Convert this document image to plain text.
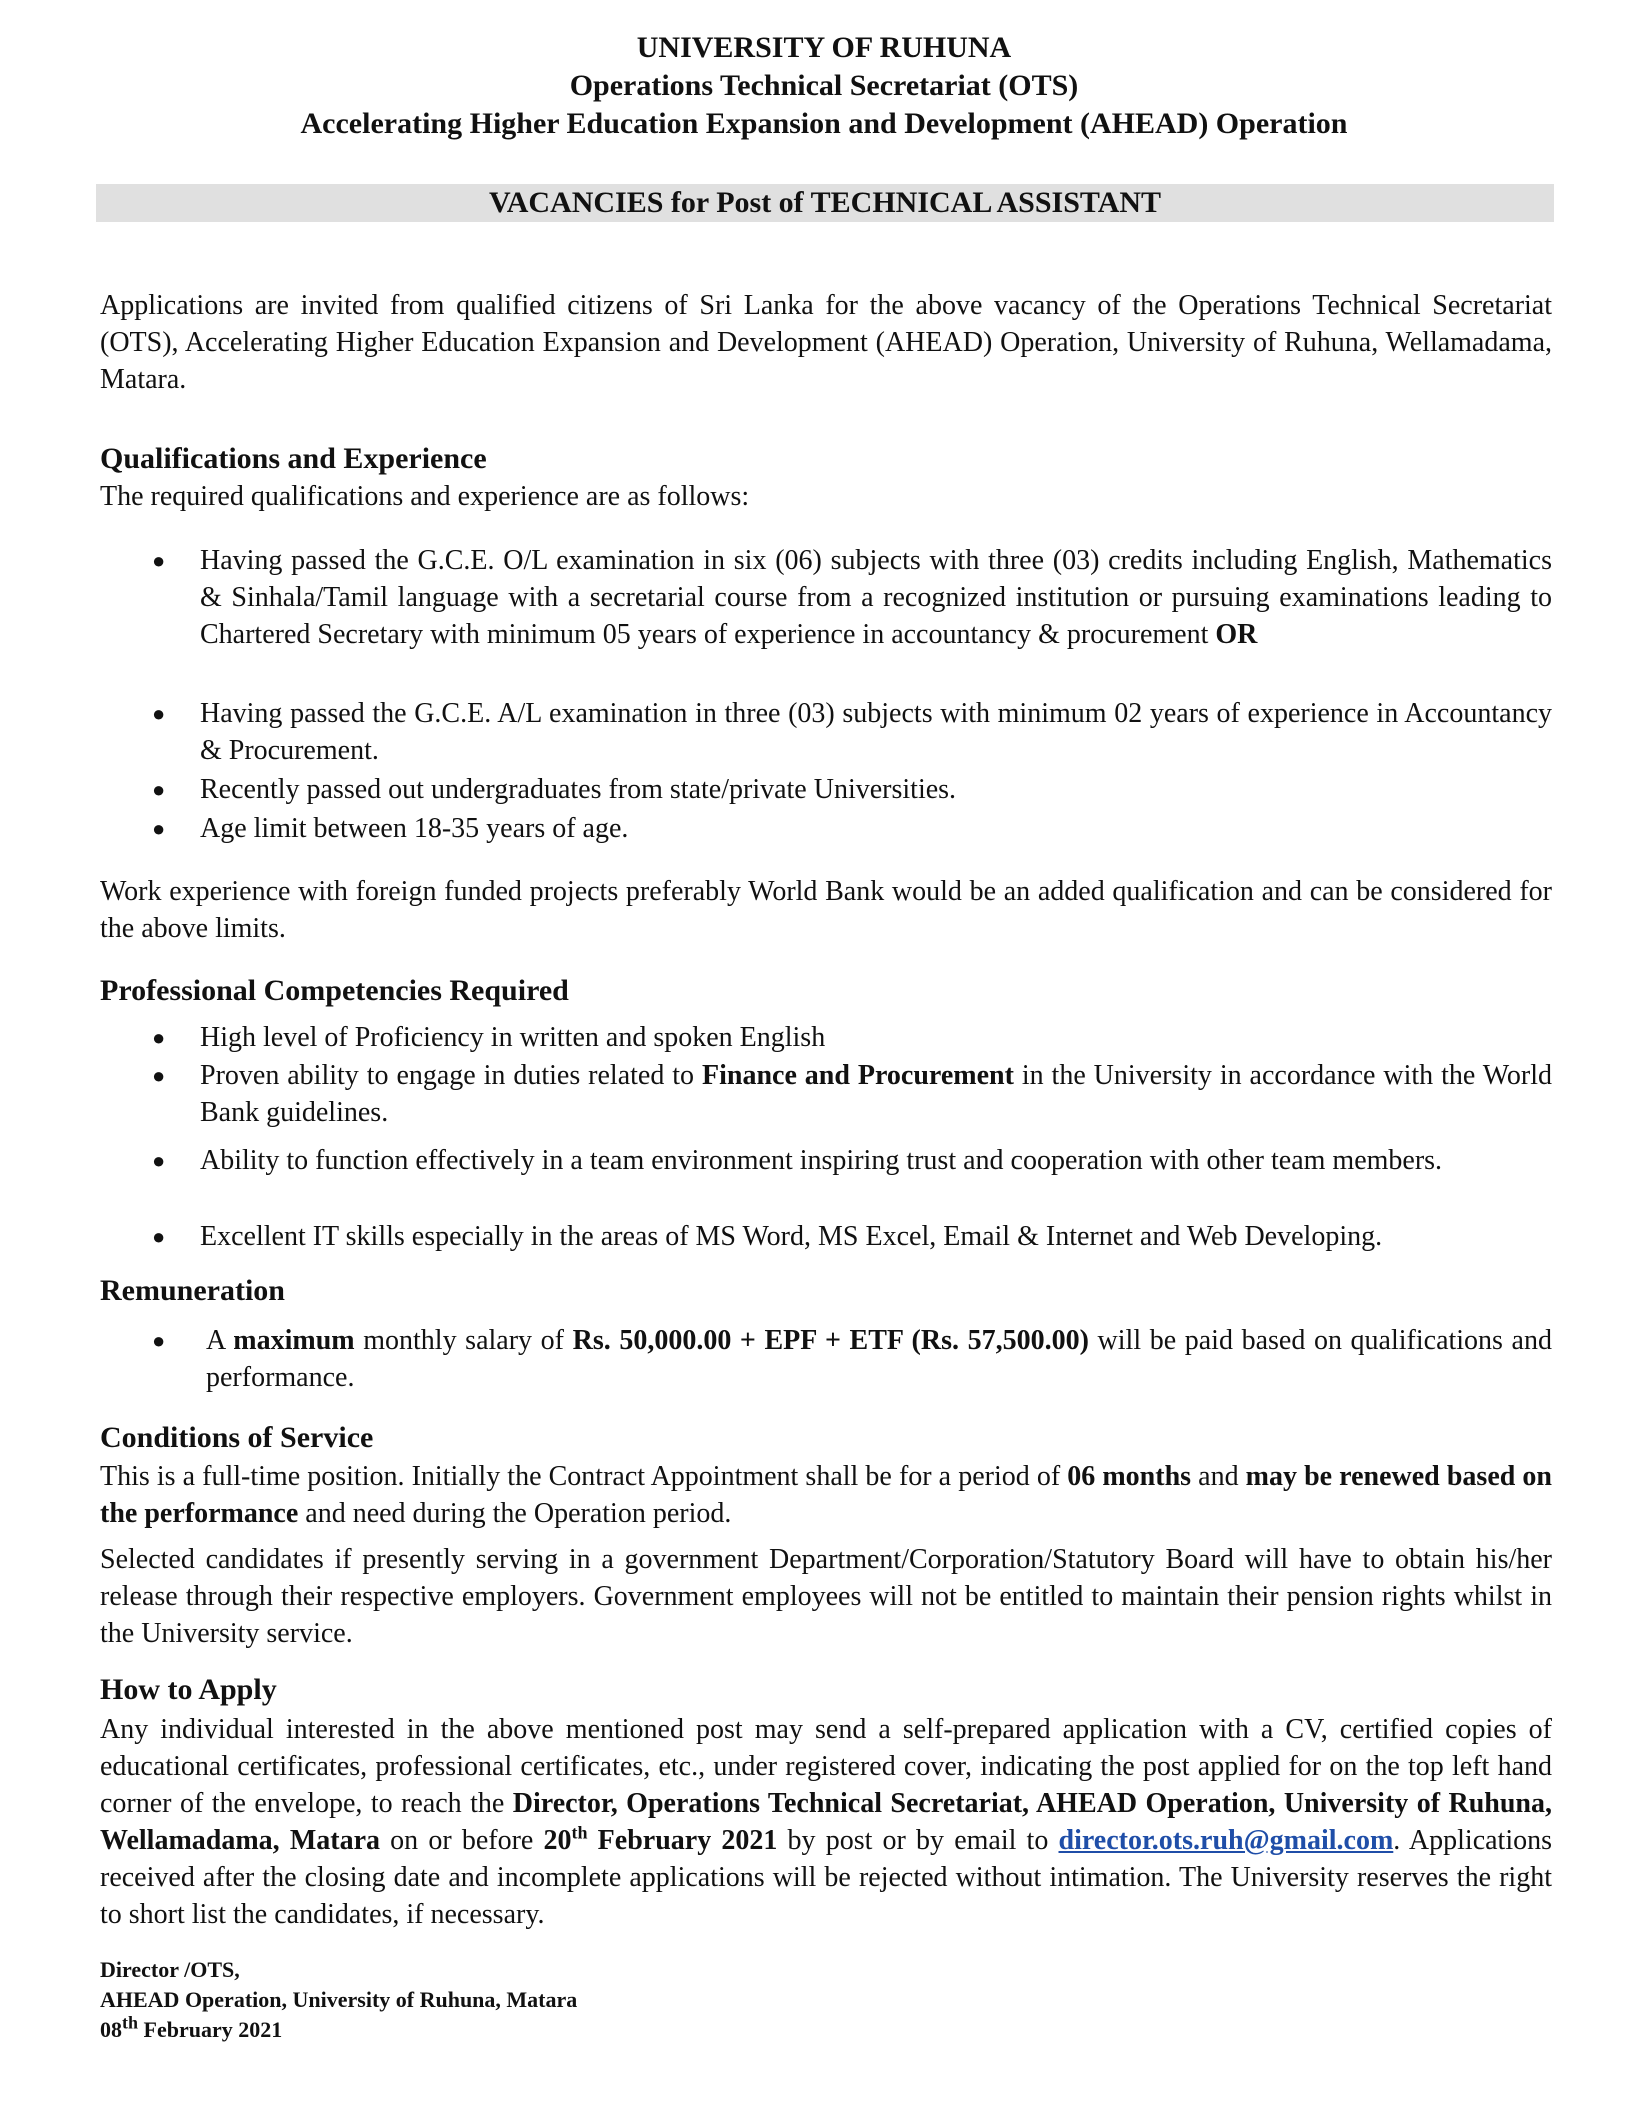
UNIVERSITY OF RUHUNA
Operations Technical Secretariat (OTS)
Accelerating Higher Education Expansion and Development (AHEAD) Operation
VACANCIES for Post of TECHNICAL ASSISTANT
Applications are invited from qualified citizens of Sri Lanka for the above vacancy of the Operations Technical Secretariat (OTS), Accelerating Higher Education Expansion and Development (AHEAD) Operation, University of Ruhuna, Wellamadama, Matara.
Qualifications and Experience
The required qualifications and experience are as follows:
● Having passed the G.C.E. O/L examination in six (06) subjects with three (03) credits including English, Mathematics & Sinhala/Tamil language with a secretarial course from a recognized institution or pursuing examinations leading to Chartered Secretary with minimum 05 years of experience in accountancy & procurement OR
● Having passed the G.C.E. A/L examination in three (03) subjects with minimum 02 years of experience in Accountancy & Procurement.
● Recently passed out undergraduates from state/private Universities.
● Age limit between 18-35 years of age.
Work experience with foreign funded projects preferably World Bank would be an added qualification and can be considered for the above limits.
Professional Competencies Required
● High level of Proficiency in written and spoken English
● Proven ability to engage in duties related to Finance and Procurement in the University in accordance with the World Bank guidelines.
● Ability to function effectively in a team environment inspiring trust and cooperation with other team members.
● Excellent IT skills especially in the areas of MS Word, MS Excel, Email & Internet and Web Developing.
Remuneration
● A maximum monthly salary of Rs. 50,000.00 + EPF + ETF (Rs. 57,500.00) will be paid based on qualifications and performance.
Conditions of Service
This is a full-time position. Initially the Contract Appointment shall be for a period of 06 months and may be renewed based on the performance and need during the Operation period.
Selected candidates if presently serving in a government Department/Corporation/Statutory Board will have to obtain his/her release through their respective employers. Government employees will not be entitled to maintain their pension rights whilst in the University service.
How to Apply
Any individual interested in the above mentioned post may send a self-prepared application with a CV, certified copies of educational certificates, professional certificates, etc., under registered cover, indicating the post applied for on the top left hand corner of the envelope, to reach the Director, Operations Technical Secretariat, AHEAD Operation, University of Ruhuna, Wellamadama, Matara on or before 20th February 2021 by post or by email to director.ots.ruh@gmail.com. Applications received after the closing date and incomplete applications will be rejected without intimation. The University reserves the right to short list the candidates, if necessary.
Director /OTS,
AHEAD Operation, University of Ruhuna, Matara
08th February 2021
